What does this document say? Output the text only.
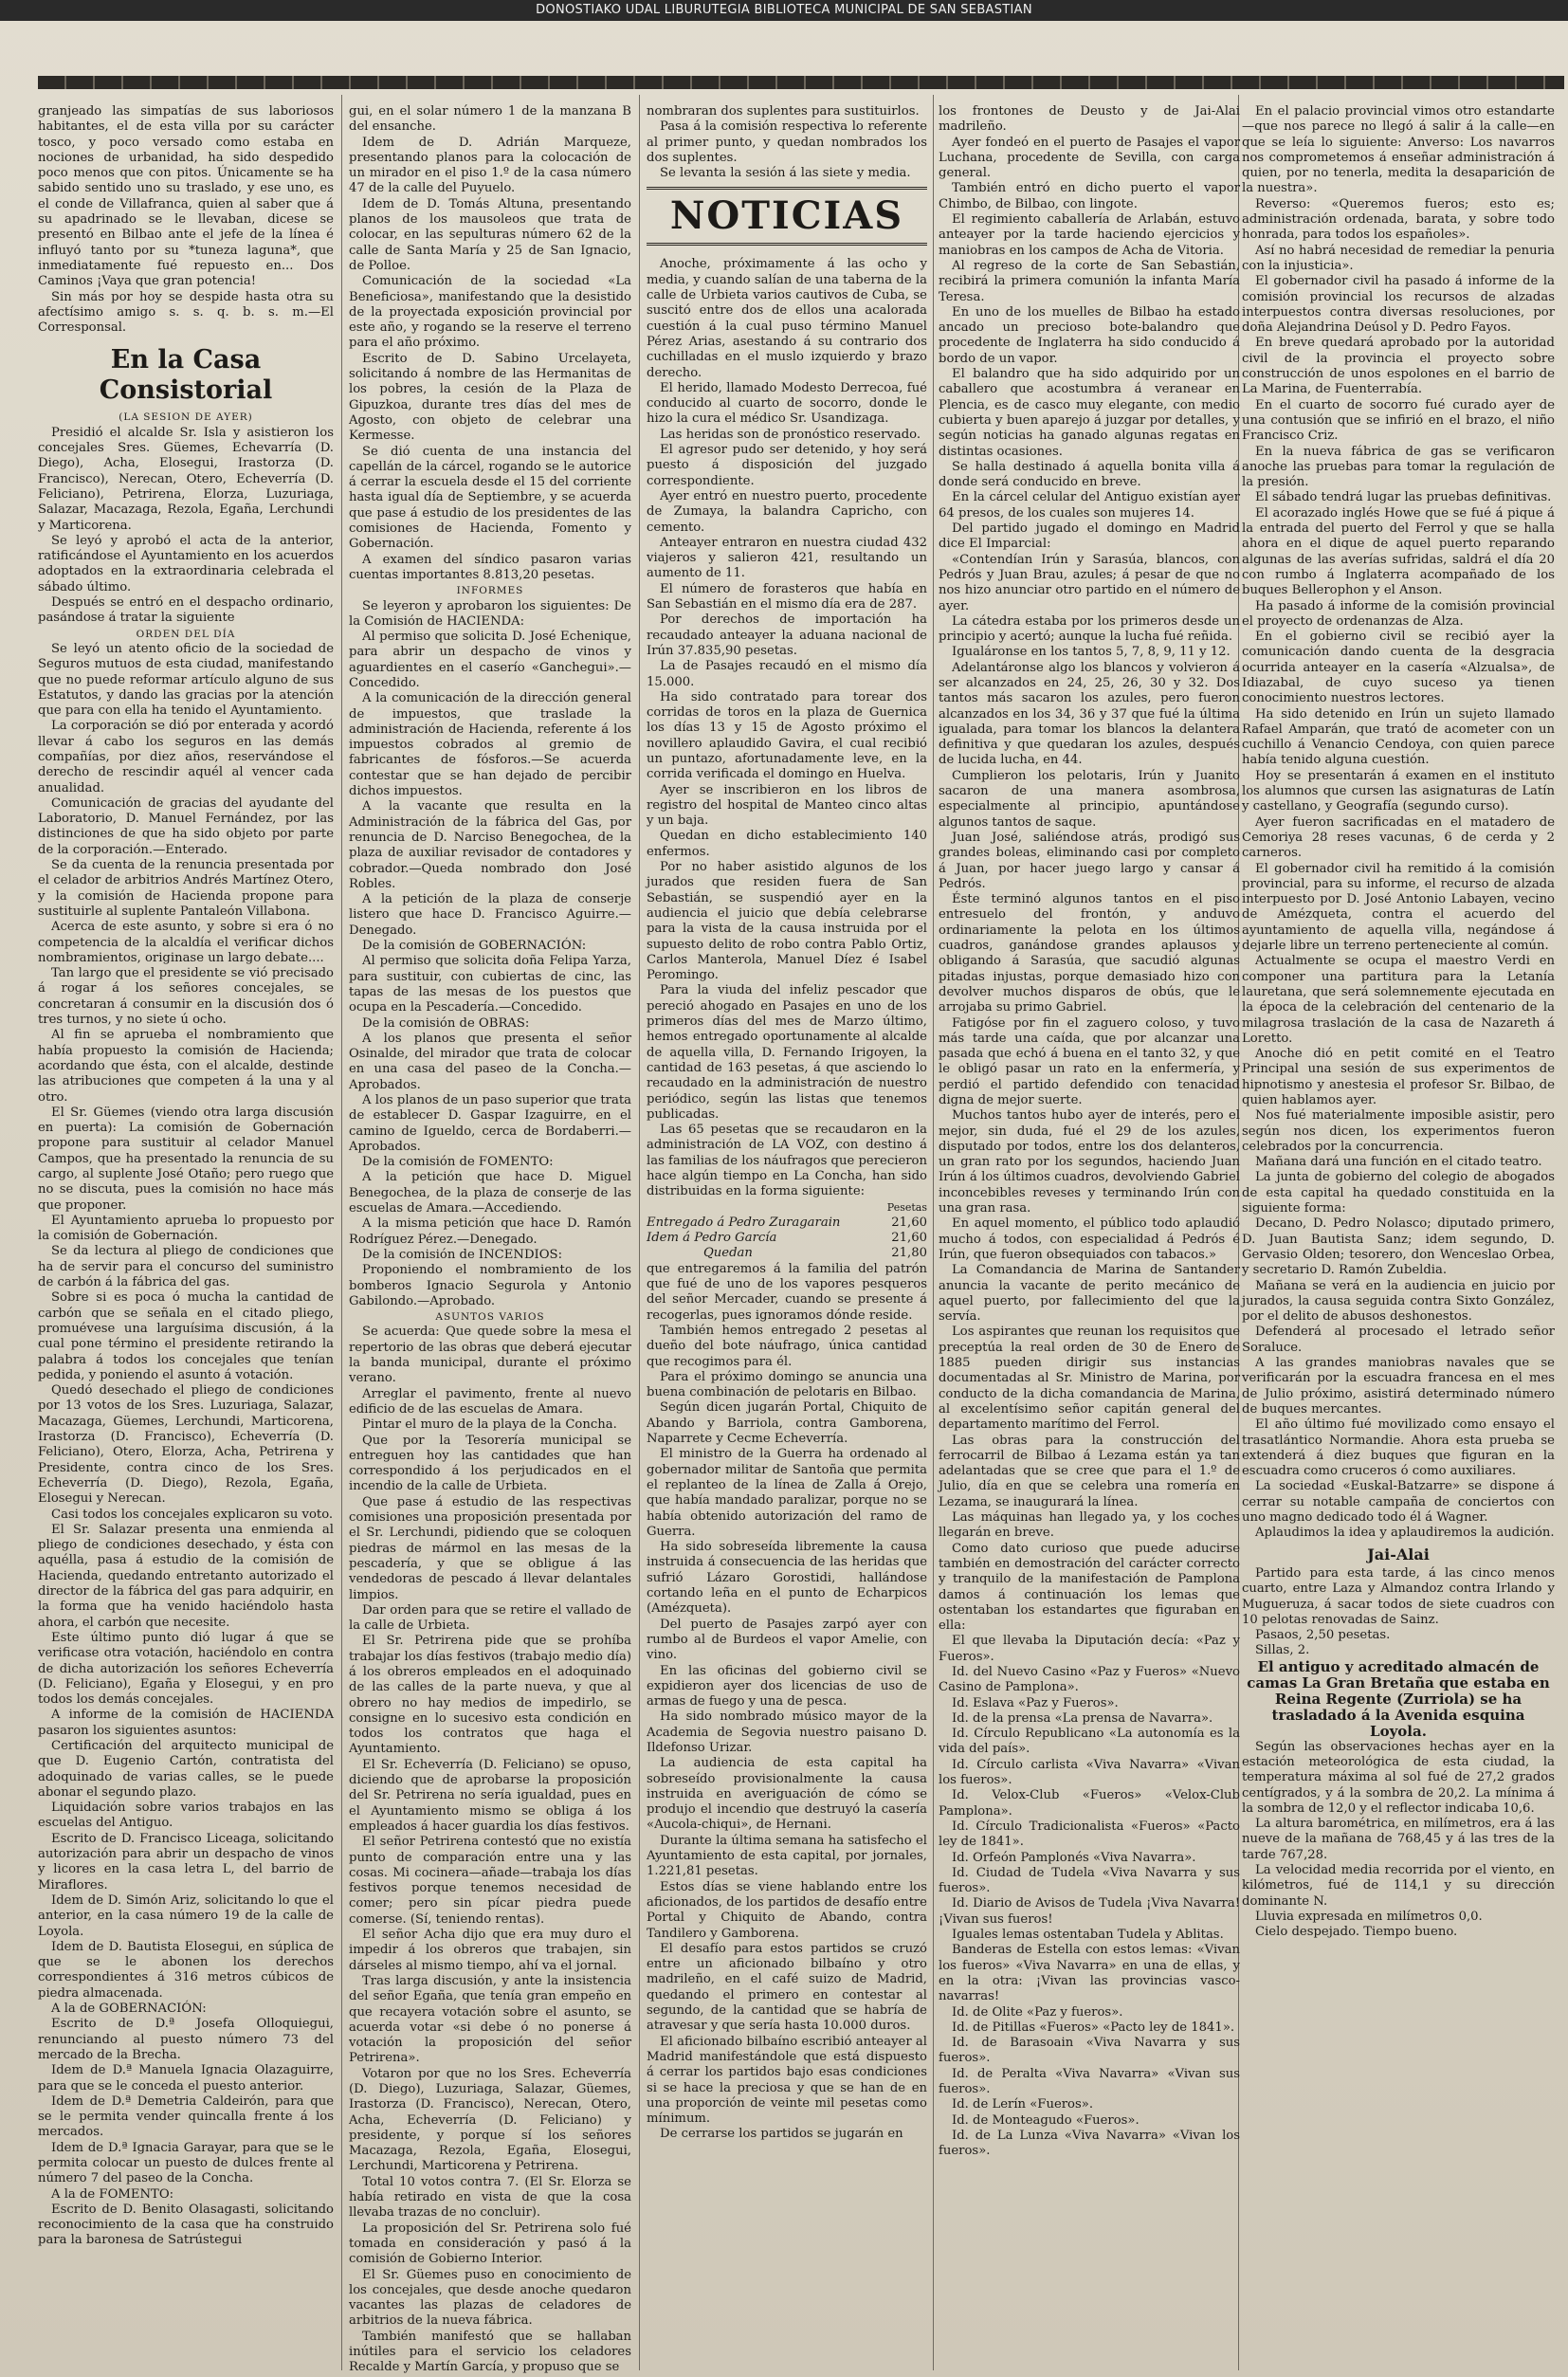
DONOSTIAKO UDAL LIBURUTEGIA BIBLIOTECA MUNICIPAL DE SAN SEBASTIAN

granjeado las simpatías de sus laboriosos habitantes, el de esta villa por su carácter tosco, y poco versado como estaba en nociones de urbanidad, ha sido despedido poco menos que con pitos. Únicamente se ha sabido sentido uno su traslado, y ese uno, es el conde de Villafranca, quien al saber que á su apadrinado se le llevaban, dicese se presentó en Bilbao ante el jefe de la línea é influyó tanto por su *tuneza laguna*, que inmediatamente fué repuesto en... Dos Caminos ¡Vaya que gran potencia!

Sin más por hoy se despide hasta otra su afectísimo amigo s. s. q. b. s. m.—El Corresponsal.

En la Casa Consistorial

(LA SESION DE AYER)

Presidió el alcalde Sr. Isla y asistieron los concejales Sres. Güemes, Echevarría (D. Diego), Acha, Elosegui, Irastorza (D. Francisco), Nerecan, Otero, Echeverría (D. Feliciano), Petrirena, Elorza, Luzuriaga, Salazar, Macazaga, Rezola, Egaña, Lerchundi y Marticorena.

Se leyó y aprobó el acta de la anterior, ratificándose el Ayuntamiento en los acuerdos adoptados en la extraordinaria celebrada el sábado último.

Después se entró en el despacho ordinario, pasándose á tratar la siguiente

ORDEN DEL DÍA

Se leyó un atento oficio de la sociedad de Seguros mutuos de esta ciudad, manifestando que no puede reformar artículo alguno de sus Estatutos, y dando las gracias por la atención que para con ella ha tenido el Ayuntamiento.

La corporación se dió por enterada y acordó llevar á cabo los seguros en las demás compañías, por diez años, reservándose el derecho de rescindir aquél al vencer cada anualidad.

Comunicación de gracias del ayudante del Laboratorio, D. Manuel Fernández, por las distinciones de que ha sido objeto por parte de la corporación.—Enterado.

Se da cuenta de la renuncia presentada por el celador de arbitrios Andrés Martínez Otero, y la comisión de Hacienda propone para sustituirle al suplente Pantaleón Villabona.

Acerca de este asunto, y sobre si era ó no competencia de la alcaldía el verificar dichos nombramientos, originase un largo debate....

Tan largo que el presidente se vió precisado á rogar á los señores concejales, se concretaran á consumir en la discusión dos ó tres turnos, y no siete ú ocho.

Al fin se aprueba el nombramiento que había propuesto la comisión de Hacienda; acordando que ésta, con el alcalde, destinde las atribuciones que competen á la una y al otro.

El Sr. Güemes (viendo otra larga discusión en puerta): La comisión de Gobernación propone para sustituir al celador Manuel Campos, que ha presentado la renuncia de su cargo, al suplente José Otaño; pero ruego que no se discuta, pues la comisión no hace más que proponer.

El Ayuntamiento aprueba lo propuesto por la comisión de Gobernación.

Se da lectura al pliego de condiciones que ha de servir para el concurso del suministro de carbón á la fábrica del gas.

Sobre si es poca ó mucha la cantidad de carbón que se señala en el citado pliego, promuévese una larguísima discusión, á la cual pone término el presidente retirando la palabra á todos los concejales que tenían pedida, y poniendo el asunto á votación.

Quedó desechado el pliego de condiciones por 13 votos de los Sres. Luzuriaga, Salazar, Macazaga, Güemes, Lerchundi, Marticorena, Irastorza (D. Francisco), Echeverría (D. Feliciano), Otero, Elorza, Acha, Petrirena y Presidente, contra cinco de los Sres. Echeverría (D. Diego), Rezola, Egaña, Elosegui y Nerecan.

Casi todos los concejales explicaron su voto.

El Sr. Salazar presenta una enmienda al pliego de condiciones desechado, y ésta con aquélla, pasa á estudio de la comisión de Hacienda, quedando entretanto autorizado el director de la fábrica del gas para adquirir, en la forma que ha venido haciéndolo hasta ahora, el carbón que necesite.

Este último punto dió lugar á que se verificase otra votación, haciéndolo en contra de dicha autorización los señores Echeverría (D. Feliciano), Egaña y Elosegui, y en pro todos los demás concejales.

A informe de la comisión de HACIENDA pasaron los siguientes asuntos:

Certificación del arquitecto municipal de que D. Eugenio Cartón, contratista del adoquinado de varias calles, se le puede abonar el segundo plazo.

Liquidación sobre varios trabajos en las escuelas del Antiguo.

Escrito de D. Francisco Liceaga, solicitando autorización para abrir un despacho de vinos y licores en la casa letra L, del barrio de Miraflores.

Idem de D. Simón Ariz, solicitando lo que el anterior, en la casa número 19 de la calle de Loyola.

Idem de D. Bautista Elosegui, en súplica de que se le abonen los derechos correspondientes á 316 metros cúbicos de piedra almacenada.

A la de GOBERNACIÓN:

Escrito de D.ª Josefa Olloquiegui, renunciando al puesto número 73 del mercado de la Brecha.

Idem de D.ª Manuela Ignacia Olazaguirre, para que se le conceda el puesto anterior.

Idem de D.ª Demetria Caldeirón, para que se le permita vender quincalla frente á los mercados.

Idem de D.ª Ignacia Garayar, para que se le permita colocar un puesto de dulces frente al número 7 del paseo de la Concha.

A la de FOMENTO:

Escrito de D. Benito Olasagasti, solicitando reconocimiento de la casa que ha construido para la baronesa de Satrústegui

gui, en el solar número 1 de la manzana B del ensanche.

Idem de D. Adrián Marqueze, presentando planos para la colocación de un mirador en el piso 1.º de la casa número 47 de la calle del Puyuelo.

Idem de D. Tomás Altuna, presentando planos de los mausoleos que trata de colocar, en las sepulturas número 62 de la calle de Santa María y 25 de San Ignacio, de Polloe.

Comunicación de la sociedad «La Beneficiosa», manifestando que la desistido de la proyectada exposición provincial por este año, y rogando se la reserve el terreno para el año próximo.

Escrito de D. Sabino Urcelayeta, solicitando á nombre de las Hermanitas de los pobres, la cesión de la Plaza de Gipuzkoa, durante tres días del mes de Agosto, con objeto de celebrar una Kermesse.

Se dió cuenta de una instancia del capellán de la cárcel, rogando se le autorice á cerrar la escuela desde el 15 del corriente hasta igual día de Septiembre, y se acuerda que pase á estudio de los presidentes de las comisiones de Hacienda, Fomento y Gobernación.

A examen del síndico pasaron varias cuentas importantes 8.813,20 pesetas.

INFORMES

Se leyeron y aprobaron los siguientes: De la Comisión de HACIENDA:

Al permiso que solicita D. José Echenique, para abrir un despacho de vinos y aguardientes en el caserío «Ganchegui».—Concedido.

A la comunicación de la dirección general de impuestos, que traslade la administración de Hacienda, referente á los impuestos cobrados al gremio de fabricantes de fósforos.—Se acuerda contestar que se han dejado de percibir dichos impuestos.

A la vacante que resulta en la Administración de la fábrica del Gas, por renuncia de D. Narciso Benegochea, de la plaza de auxiliar revisador de contadores y cobrador.—Queda nombrado don José Robles.

A la petición de la plaza de conserje listero que hace D. Francisco Aguirre.—Denegado.

De la comisión de GOBERNACIÓN:

Al permiso que solicita doña Felipa Yarza, para sustituir, con cubiertas de cinc, las tapas de las mesas de los puestos que ocupa en la Pescadería.—Concedido.

De la comisión de OBRAS:

A los planos que presenta el señor Osinalde, del mirador que trata de colocar en una casa del paseo de la Concha.—Aprobados.

A los planos de un paso superior que trata de establecer D. Gaspar Izaguirre, en el camino de Igueldo, cerca de Bordaberri.—Aprobados.

De la comisión de FOMENTO:

A la petición que hace D. Miguel Benegochea, de la plaza de conserje de las escuelas de Amara.—Accediendo.

A la misma petición que hace D. Ramón Rodríguez Pérez.—Denegado.

De la comisión de INCENDIOS:

Proponiendo el nombramiento de los bomberos Ignacio Segurola y Antonio Gabilondo.—Aprobado.

ASUNTOS VARIOS

Se acuerda: Que quede sobre la mesa el repertorio de las obras que deberá ejecutar la banda municipal, durante el próximo verano.

Arreglar el pavimento, frente al nuevo edificio de de las escuelas de Amara.

Pintar el muro de la playa de la Concha.

Que por la Tesorería municipal se entreguen hoy las cantidades que han correspondido á los perjudicados en el incendio de la calle de Urbieta.

Que pase á estudio de las respectivas comisiones una proposición presentada por el Sr. Lerchundi, pidiendo que se coloquen piedras de mármol en las mesas de la pescadería, y que se obligue á las vendedoras de pescado á llevar delantales limpios.

Dar orden para que se retire el vallado de la calle de Urbieta.

El Sr. Petrirena pide que se prohíba trabajar los días festivos (trabajo medio día) á los obreros empleados en el adoquinado de las calles de la parte nueva, y que al obrero no hay medios de impedirlo, se consigne en lo sucesivo esta condición en todos los contratos que haga el Ayuntamiento.

El Sr. Echeverría (D. Feliciano) se opuso, diciendo que de aprobarse la proposición del Sr. Petrirena no sería igualdad, pues en el Ayuntamiento mismo se obliga á los empleados á hacer guardia los días festivos.

El señor Petrirena contestó que no existía punto de comparación entre una y las cosas. Mi cocinera—añade—trabaja los días festivos porque tenemos necesidad de comer; pero sin pícar piedra puede comerse. (Sí, teniendo rentas).

El señor Acha dijo que era muy duro el impedir á los obreros que trabajen, sin dárseles al mismo tiempo, ahí va el jornal.

Tras larga discusión, y ante la insistencia del señor Egaña, que tenía gran empeño en que recayera votación sobre el asunto, se acuerda votar «si debe ó no ponerse á votación la proposición del señor Petrirena».

Votaron por que no los Sres. Echeverría (D. Diego), Luzuriaga, Salazar, Güemes, Irastorza (D. Francisco), Nerecan, Otero, Acha, Echeverría (D. Feliciano) y presidente, y porque sí los señores Macazaga, Rezola, Egaña, Elosegui, Lerchundi, Marticorena y Petrirena.

Total 10 votos contra 7. (El Sr. Elorza se había retirado en vista de que la cosa llevaba trazas de no concluir).

La proposición del Sr. Petrirena solo fué tomada en consideración y pasó á la comisión de Gobierno Interior.

El Sr. Güemes puso en conocimiento de los concejales, que desde anoche quedaron vacantes las plazas de celadores de arbitrios de la nueva fábrica.

También manifestó que se hallaban inútiles para el servicio los celadores Recalde y Martín García, y propuso que se

nombraran dos suplentes para sustituirlos.

Pasa á la comisión respectiva lo referente al primer punto, y quedan nombrados los dos suplentes.

Se levanta la sesión á las siete y media.

NOTICIAS

Anoche, próximamente á las ocho y media, y cuando salían de una taberna de la calle de Urbieta varios cautivos de Cuba, se suscitó entre dos de ellos una acalorada cuestión á la cual puso término Manuel Pérez Arias, asestando á su contrario dos cuchilladas en el muslo izquierdo y brazo derecho.

El herido, llamado Modesto Derrecoa, fué conducido al cuarto de socorro, donde le hizo la cura el médico Sr. Usandizaga.

Las heridas son de pronóstico reservado.

El agresor pudo ser detenido, y hoy será puesto á disposición del juzgado correspondiente.

Ayer entró en nuestro puerto, procedente de Zumaya, la balandra Capricho, con cemento.

Anteayer entraron en nuestra ciudad 432 viajeros y salieron 421, resultando un aumento de 11.

El número de forasteros que había en San Sebastián en el mismo día era de 287.

Por derechos de importación ha recaudado anteayer la aduana nacional de Irún 37.835,90 pesetas.

La de Pasajes recaudó en el mismo día 15.000.

Ha sido contratado para torear dos corridas de toros en la plaza de Guernica los días 13 y 15 de Agosto próximo el novillero aplaudido Gavira, el cual recibió un puntazo, afortunadamente leve, en la corrida verificada el domingo en Huelva.

Ayer se inscribieron en los libros de registro del hospital de Manteo cinco altas y un baja.

Quedan en dicho establecimiento 140 enfermos.

Por no haber asistido algunos de los jurados que residen fuera de San Sebastián, se suspendió ayer en la audiencia el juicio que debía celebrarse para la vista de la causa instruida por el supuesto delito de robo contra Pablo Ortiz, Carlos Manterola, Manuel Díez é Isabel Peromingo.

Para la viuda del infeliz pescador que pereció ahogado en Pasajes en uno de los primeros días del mes de Marzo último, hemos entregado oportunamente al alcalde de aquella villa, D. Fernando Irigoyen, la cantidad de 163 pesetas, á que asciendo lo recaudado en la administración de nuestro periódico, según las listas que tenemos publicadas.

Las 65 pesetas que se recaudaron en la administración de LA VOZ, con destino á las familias de los náufragos que perecieron hace algún tiempo en La Concha, han sido distribuidas en la forma siguiente:

Pesetas

21,60
Entregado á Pedro Zuragarain

21,60
Idem á Pedro García

21,80
Quedan

que entregaremos á la familia del patrón que fué de uno de los vapores pesqueros del señor Mercader, cuando se presente á recogerlas, pues ignoramos dónde reside.

También hemos entregado 2 pesetas al dueño del bote náufrago, única cantidad que recogimos para él.

Para el próximo domingo se anuncia una buena combinación de pelotaris en Bilbao.

Según dicen jugarán Portal, Chiquito de Abando y Barriola, contra Gamborena, Naparrete y Cecme Echeverría.

El ministro de la Guerra ha ordenado al gobernador militar de Santoña que permita el replanteo de la línea de Zalla á Orejo, que había mandado paralizar, porque no se había obtenido autorización del ramo de Guerra.

Ha sido sobreseída libremente la causa instruida á consecuencia de las heridas que sufrió Lázaro Gorostidi, hallándose cortando leña en el punto de Echarpicos (Amézqueta).

Del puerto de Pasajes zarpó ayer con rumbo al de Burdeos el vapor Amelie, con vino.

En las oficinas del gobierno civil se expidieron ayer dos licencias de uso de armas de fuego y una de pesca.

Ha sido nombrado músico mayor de la Academia de Segovia nuestro paisano D. Ildefonso Urizar.

La audiencia de esta capital ha sobreseído provisionalmente la causa instruida en averiguación de cómo se produjo el incendio que destruyó la casería «Aucola-chiqui», de Hernani.

Durante la última semana ha satisfecho el Ayuntamiento de esta capital, por jornales, 1.221,81 pesetas.

Estos días se viene hablando entre los aficionados, de los partidos de desafío entre Portal y Chiquito de Abando, contra Tandilero y Gamborena.

El desafío para estos partidos se cruzó entre un aficionado bilbaíno y otro madrileño, en el café suizo de Madrid, quedando el primero en contestar al segundo, de la cantidad que se habría de atravesar y que sería hasta 10.000 duros.

El aficionado bilbaíno escribió anteayer al Madrid manifestándole que está dispuesto á cerrar los partidos bajo esas condiciones si se hace la preciosa y que se han de en una proporción de veinte mil pesetas como mínimum.

De cerrarse los partidos se jugarán en

los frontones de Deusto y de Jai-Alai madrileño.

Ayer fondeó en el puerto de Pasajes el vapor Luchana, procedente de Sevilla, con carga general.

También entró en dicho puerto el vapor Chimbo, de Bilbao, con lingote.

El regimiento caballería de Arlabán, estuvo anteayer por la tarde haciendo ejercicios y maniobras en los campos de Acha de Vitoria.

Al regreso de la corte de San Sebastián, recibirá la primera comunión la infanta María Teresa.

En uno de los muelles de Bilbao ha estado ancado un precioso bote-balandro que procedente de Inglaterra ha sido conducido á bordo de un vapor.

El balandro que ha sido adquirido por un caballero que acostumbra á veranear en Plencia, es de casco muy elegante, con medio cubierta y buen aparejo á juzgar por detalles, y según noticias ha ganado algunas regatas en distintas ocasiones.

Se halla destinado á aquella bonita villa á donde será conducido en breve.

En la cárcel celular del Antiguo existían ayer 64 presos, de los cuales son mujeres 14.

Del partido jugado el domingo en Madrid dice El Imparcial:

«Contendían Irún y Sarasúa, blancos, con Pedrós y Juan Brau, azules; á pesar de que no nos hizo anunciar otro partido en el número de ayer.

La cátedra estaba por los primeros desde un principio y acertó; aunque la lucha fué reñida.

Igualáronse en los tantos 5, 7, 8, 9, 11 y 12.

Adelantáronse algo los blancos y volvieron á ser alcanzados en 24, 25, 26, 30 y 32. Dos tantos más sacaron los azules, pero fueron alcanzados en los 34, 36 y 37 que fué la última igualada, para tomar los blancos la delantera definitiva y que quedaran los azules, después de lucida lucha, en 44.

Cumplieron los pelotaris, Irún y Juanito sacaron de una manera asombrosa, especialmente al principio, apuntándose algunos tantos de saque.

Juan José, saliéndose atrás, prodigó sus grandes boleas, eliminando casi por completo á Juan, por hacer juego largo y cansar á Pedrós.

Éste terminó algunos tantos en el piso entresuelo del frontón, y anduvo ordinariamente la pelota en los últimos cuadros, ganándose grandes aplausos y obligando á Sarasúa, que sacudió algunas pitadas injustas, porque demasiado hizo con devolver muchos disparos de obús, que le arrojaba su primo Gabriel.

Fatigóse por fin el zaguero coloso, y tuvo más tarde una caída, que por alcanzar una pasada que echó á buena en el tanto 32, y que le obligó pasar un rato en la enfermería, y perdió el partido defendido con tenacidad digna de mejor suerte.

Muchos tantos hubo ayer de interés, pero el mejor, sin duda, fué el 29 de los azules, disputado por todos, entre los dos delanteros, un gran rato por los segundos, haciendo Juan Irún á los últimos cuadros, devolviendo Gabriel inconcebibles reveses y terminando Irún con una gran rasa.

En aquel momento, el público todo aplaudió mucho á todos, con especialidad á Pedrós é Irún, que fueron obsequiados con tabacos.»

La Comandancia de Marina de Santander anuncia la vacante de perito mecánico de aquel puerto, por fallecimiento del que la servía.

Los aspirantes que reunan los requisitos que preceptúa la real orden de 30 de Enero de 1885 pueden dirigir sus instancias documentadas al Sr. Ministro de Marina, por conducto de la dicha comandancia de Marina, al excelentísimo señor capitán general del departamento marítimo del Ferrol.

Las obras para la construcción del ferrocarril de Bilbao á Lezama están ya tan adelantadas que se cree que para el 1.º de Julio, día en que se celebra una romería en Lezama, se inaugurará la línea.

Las máquinas han llegado ya, y los coches llegarán en breve.

Como dato curioso que puede aducirse también en demostración del carácter correcto y tranquilo de la manifestación de Pamplona damos á continuación los lemas que ostentaban los estandartes que figuraban en ella:

El que llevaba la Diputación decía: «Paz y Fueros».

Id. del Nuevo Casino «Paz y Fueros» «Nuevo Casino de Pamplona».

Id. Eslava «Paz y Fueros».

Id. de la prensa «La prensa de Navarra».

Id. Círculo Republicano «La autonomía es la vida del país».

Id. Círculo carlista «Viva Navarra» «Vivan los fueros».

Id. Velox-Club «Fueros» «Velox-Club Pamplona».

Id. Círculo Tradicionalista «Fueros» «Pacto ley de 1841».

Id. Orfeón Pamplonés «Viva Navarra».

Id. Ciudad de Tudela «Viva Navarra y sus fueros».

Id. Diario de Avisos de Tudela ¡Viva Navarra! ¡Vivan sus fueros!

Iguales lemas ostentaban Tudela y Ablitas.

Banderas de Estella con estos lemas: «Vivan los fueros» «Viva Navarra» en una de ellas, y en la otra: ¡Vivan las provincias vasco-navarras!

Id. de Olite «Paz y fueros».

Id. de Pitillas «Fueros» «Pacto ley de 1841».

Id. de Barasoain «Viva Navarra y sus fueros».

Id. de Peralta «Viva Navarra» «Vivan sus fueros».

Id. de Lerín «Fueros».

Id. de Monteagudo «Fueros».

Id. de La Lunza «Viva Navarra» «Vivan los fueros».

En el palacio provincial vimos otro estandarte —que nos parece no llegó á salir á la calle—en que se leía lo siguiente: Anverso: Los navarros nos comprometemos á enseñar administración á quien, por no tenerla, medita la desaparición de la nuestra».

Reverso: «Queremos fueros; esto es; administración ordenada, barata, y sobre todo honrada, para todos los españoles».

Así no habrá necesidad de remediar la penuria con la injusticia».

El gobernador civil ha pasado á informe de la comisión provincial los recursos de alzadas interpuestos contra diversas resoluciones, por doña Alejandrina Deúsol y D. Pedro Fayos.

En breve quedará aprobado por la autoridad civil de la provincia el proyecto sobre construcción de unos espolones en el barrio de La Marina, de Fuenterrabía.

En el cuarto de socorro fué curado ayer de una contusión que se infirió en el brazo, el niño Francisco Criz.

En la nueva fábrica de gas se verificaron anoche las pruebas para tomar la regulación de la presión.

El sábado tendrá lugar las pruebas definitivas.

El acorazado inglés Howe que se fué á pique á la entrada del puerto del Ferrol y que se halla ahora en el dique de aquel puerto reparando algunas de las averías sufridas, saldrá el día 20 con rumbo á Inglaterra acompañado de los buques Bellerophon y el Anson.

Ha pasado á informe de la comisión provincial el proyecto de ordenanzas de Alza.

En el gobierno civil se recibió ayer la comunicación dando cuenta de la desgracia ocurrida anteayer en la casería «Alzualsa», de Idiazabal, de cuyo suceso ya tienen conocimiento nuestros lectores.

Ha sido detenido en Irún un sujeto llamado Rafael Amparán, que trató de acometer con un cuchillo á Venancio Cendoya, con quien parece había tenido alguna cuestión.

Hoy se presentarán á examen en el instituto los alumnos que cursen las asignaturas de Latín y castellano, y Geografía (segundo curso).

Ayer fueron sacrificadas en el matadero de Cemoriya 28 reses vacunas, 6 de cerda y 2 carneros.

El gobernador civil ha remitido á la comisión provincial, para su informe, el recurso de alzada interpuesto por D. José Antonio Labayen, vecino de Amézqueta, contra el acuerdo del ayuntamiento de aquella villa, negándose á dejarle libre un terreno perteneciente al común.

Actualmente se ocupa el maestro Verdi en componer una partitura para la Letanía lauretana, que será solemnemente ejecutada en la época de la celebración del centenario de la milagrosa traslación de la casa de Nazareth á Loretto.

Anoche dió en petit comité en el Teatro Principal una sesión de sus experimentos de hipnotismo y anestesia el profesor Sr. Bilbao, de quien hablamos ayer.

Nos fué materialmente imposible asistir, pero según nos dicen, los experimentos fueron celebrados por la concurrencia.

Mañana dará una función en el citado teatro.

La junta de gobierno del colegio de abogados de esta capital ha quedado constituida en la siguiente forma:

Decano, D. Pedro Nolasco; diputado primero, D. Juan Bautista Sanz; idem segundo, D. Gervasio Olden; tesorero, don Wenceslao Orbea, y secretario D. Ramón Zubeldia.

Mañana se verá en la audiencia en juicio por jurados, la causa seguida contra Sixto González, por el delito de abusos deshonestos.

Defenderá al procesado el letrado señor Soraluce.

A las grandes maniobras navales que se verificarán por la escuadra francesa en el mes de Julio próximo, asistirá determinado número de buques mercantes.

El año último fué movilizado como ensayo el trasatlántico Normandie. Ahora esta prueba se extenderá á diez buques que figuran en la escuadra como cruceros ó como auxiliares.

La sociedad «Euskal-Batzarre» se dispone á cerrar su notable campaña de conciertos con uno magno dedicado todo él á Wagner.

Aplaudimos la idea y aplaudiremos la audición.

Jai-Alai

Partido para esta tarde, á las cinco menos cuarto, entre Laza y Almandoz contra Irlando y Mugueruza, á sacar todos de siete cuadros con 10 pelotas renovadas de Sainz.

Pasaos, 2,50 pesetas.

Sillas, 2.

El antiguo y acreditado almacén de camas La Gran Bretaña que estaba en Reina Regente (Zurriola) se ha trasladado á la Avenida esquina Loyola.

Según las observaciones hechas ayer en la estación meteorológica de esta ciudad, la temperatura máxima al sol fué de 27,2 grados centígrados, y á la sombra de 20,2. La mínima á la sombra de 12,0 y el reflector indicaba 10,6.

La altura barométrica, en milímetros, era á las nueve de la mañana de 768,45 y á las tres de la tarde 767,28.

La velocidad media recorrida por el viento, en kilómetros, fué de 114,1 y su dirección dominante N.

Lluvia expresada en milímetros 0,0.

Cielo despejado. Tiempo bueno.
